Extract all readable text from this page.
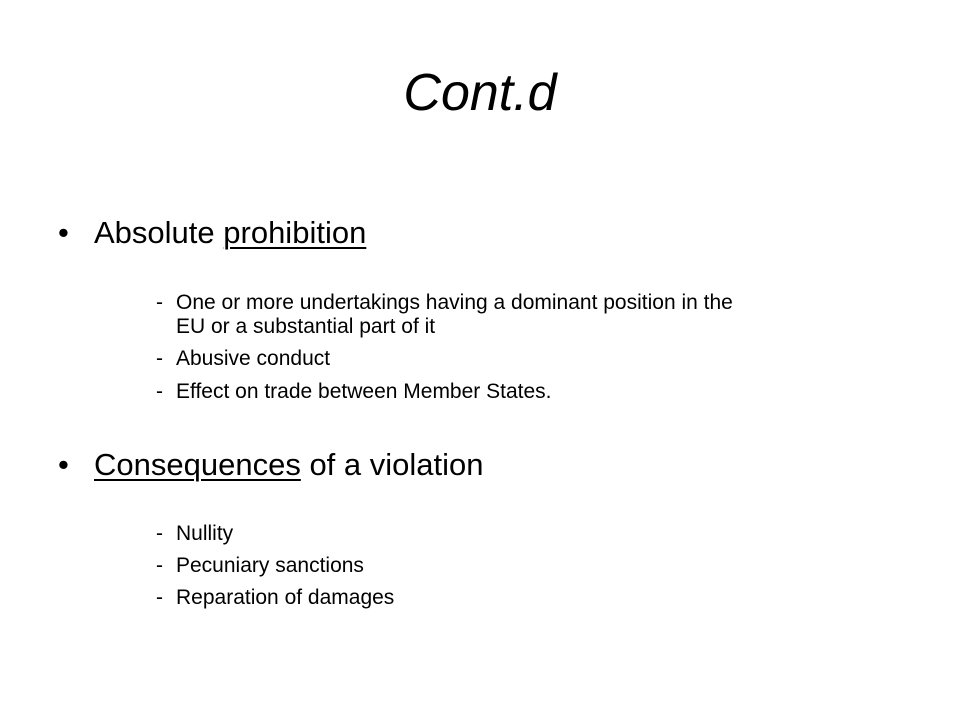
Cont.d
• Absolute prohibition
- One or more undertakings having a dominant position in the
EU or a substantial part of it
- Abusive conduct
- Effect on trade between Member States.
• Consequences of a violation
- Nullity
- Pecuniary sanctions
- Reparation of damages
